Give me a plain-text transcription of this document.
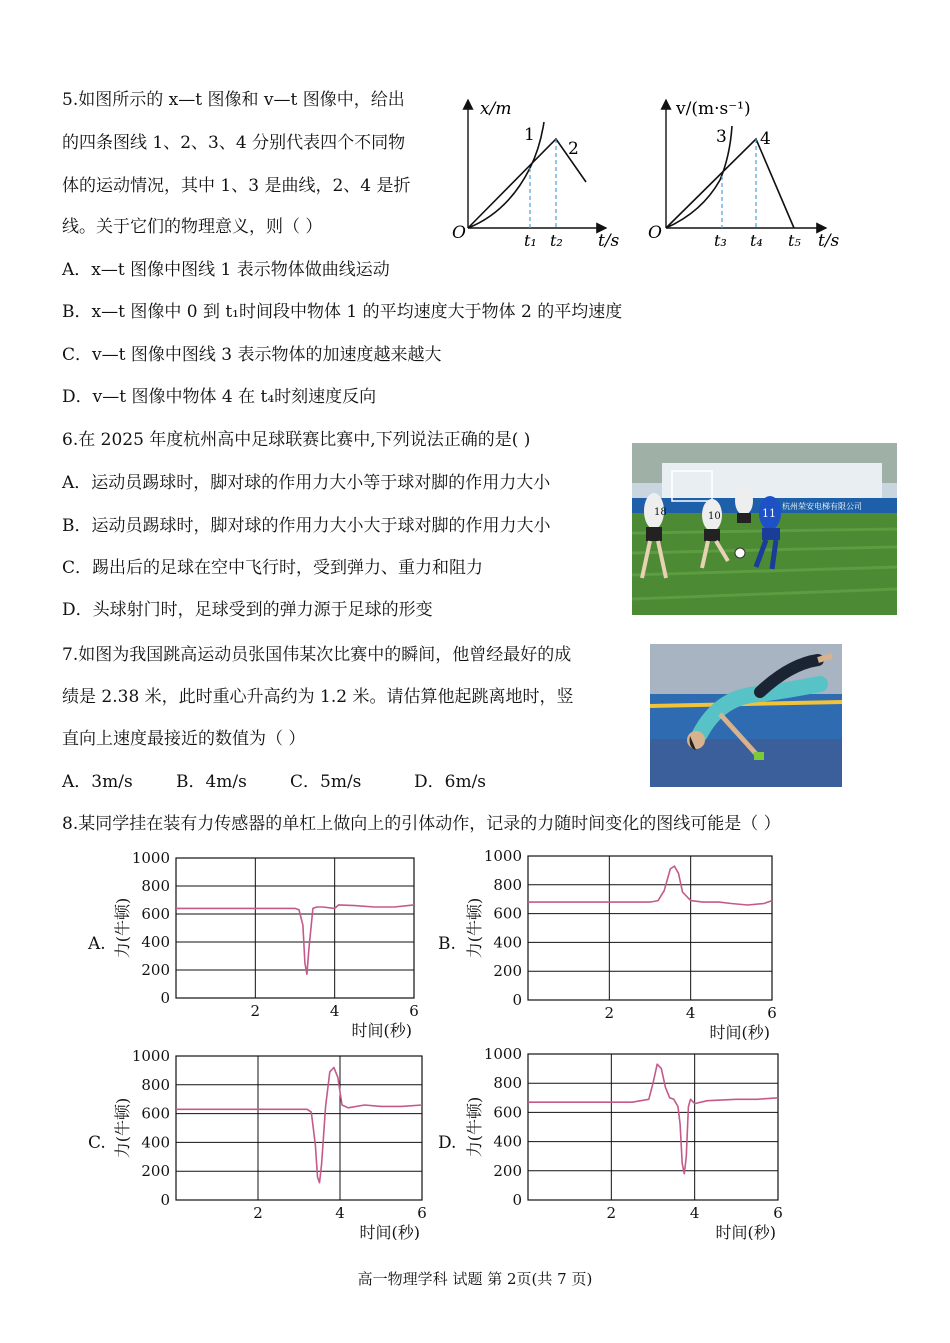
5.如图所示的 x—t 图像和 v—t 图像中，给出
的四条图线 1、2、3、4 分别代表四个不同物
体的运动情况，其中 1、3 是曲线，2、4 是折
线。关于它们的物理意义，则（ ）
A．x—t 图像中图线 1 表示物体做曲线运动
B．x—t 图像中 0 到 t₁时间段中物体 1 的平均速度大于物体 2 的平均速度
C．v—t 图像中图线 3 表示物体的加速度越来越大
D．v—t 图像中物体 4 在 t₄时刻速度反向
x/m
1
2
O	t₁ t₂ t/s
v/(m·s⁻¹)
3 4
O	t₃ t₄ t₅ t/s
6.在 2025 年度杭州高中足球联赛比赛中,下列说法正确的是( )
A．运动员踢球时，脚对球的作用力大小等于球对脚的作用力大小
B．运动员踢球时，脚对球的作用力大小大于球对脚的作用力大小
C．踢出后的足球在空中飞行时，受到弹力、重力和阻力
D．头球射门时，足球受到的弹力源于足球的形变
杭州荣安电梯有限公司
18	10	11
7.如图为我国跳高运动员张国伟某次比赛中的瞬间，他曾经最好的成
绩是 2.38 米，此时重心升高约为 1.2 米。请估算他起跳离地时，竖
直向上速度最接近的数值为（ ）
A．3m/s	B．4m/s	C．5m/s	D．6m/s
8.某同学挂在装有力传感器的单杠上做向上的引体动作，记录的力随时间变化的图线可能是（ ）
A.	B.
C.	D.
0
200
400
600
800
1000
2	4	6
力(牛顿)
时间(秒)
0
200
400
600
800
1000
2	4	6
力(牛顿)
时间(秒)
0
200
400
600
800
1000
2	4	6
力(牛顿)
时间(秒)
0
200
400
600
800
1000
2	4	6
力(牛顿)
时间(秒)
高一物理学科 试题 第 2页(共 7 页)
